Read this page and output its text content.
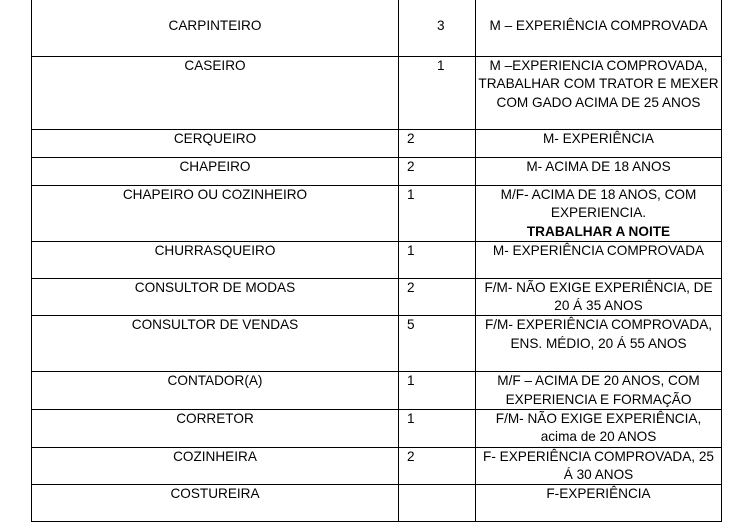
CARPINTEIRO	3	M – EXPERIÊNCIA COMPROVADA
CASEIRO	1	M –EXPERIENCIA COMPROVADA, TRABALHAR COM TRATOR E MEXER COM GADO ACIMA DE 25 ANOS
CERQUEIRO	2	M- EXPERIÊNCIA
CHAPEIRO	2	M- ACIMA DE 18 ANOS
CHAPEIRO OU COZINHEIRO	1	M/F- ACIMA DE 18 ANOS, COM EXPERIENCIA.
TRABALHAR A NOITE

CHURRASQUEIRO	1	M- EXPERIÊNCIA COMPROVADA
CONSULTOR DE MODAS	2	F/M- NÃO EXIGE EXPERIÊNCIA, DE 20 Á 35 ANOS
CONSULTOR DE VENDAS	5	F/M- EXPERIÊNCIA COMPROVADA, ENS. MÉDIO, 20 Á 55 ANOS
CONTADOR(A)	1	M/F – ACIMA DE 20 ANOS, COM EXPERIENCIA E FORMAÇÃO
CORRETOR	1	F/M- NÃO EXIGE EXPERIÊNCIA, acima de 20 ANOS
COZINHEIRA	2	F- EXPERIÊNCIA COMPROVADA, 25 Á 30 ANOS
COSTUREIRA		F-EXPERIÊNCIA
